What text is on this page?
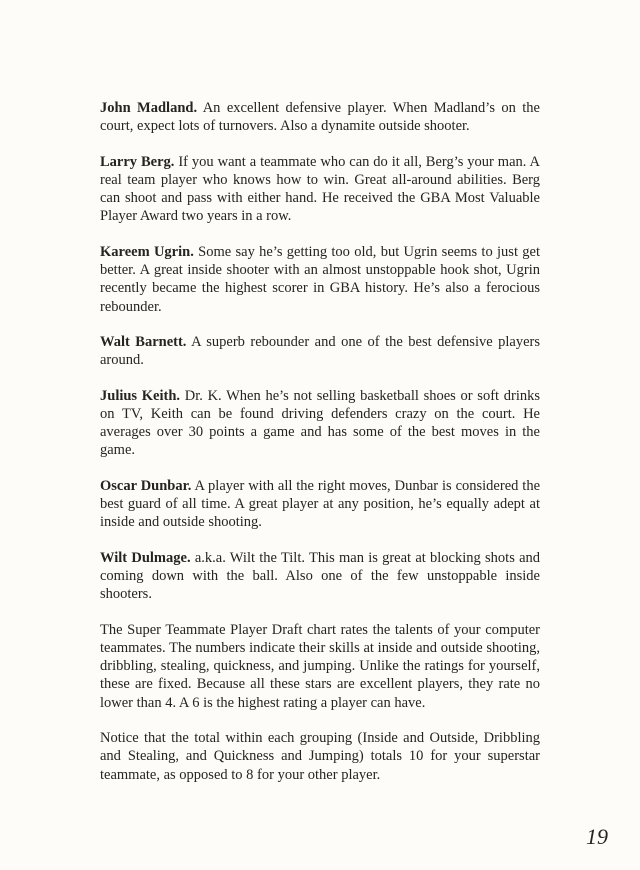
John Madland. An excellent defensive player. When Madland’s on the court, expect lots of turnovers. Also a dynamite outside shooter.

Larry Berg. If you want a teammate who can do it all, Berg’s your man. A real team player who knows how to win. Great all-around abilities. Berg can shoot and pass with either hand. He received the GBA Most Valuable Player Award two years in a row.

Kareem Ugrin. Some say he’s getting too old, but Ugrin seems to just get better. A great inside shooter with an almost unstoppable hook shot, Ugrin recently became the highest scorer in GBA history. He’s also a ferocious rebounder.

Walt Barnett. A superb rebounder and one of the best defensive players around.

Julius Keith. Dr. K. When he’s not selling basketball shoes or soft drinks on TV, Keith can be found driving defenders crazy on the court. He averages over 30 points a game and has some of the best moves in the game.

Oscar Dunbar. A player with all the right moves, Dunbar is considered the best guard of all time. A great player at any position, he’s equally adept at inside and outside shooting.

Wilt Dulmage. a.k.a. Wilt the Tilt. This man is great at blocking shots and coming down with the ball. Also one of the few unstoppable inside shooters.

The Super Teammate Player Draft chart rates the talents of your computer teammates. The numbers indicate their skills at inside and outside shooting, dribbling, stealing, quickness, and jumping. Unlike the ratings for yourself, these are fixed. Because all these stars are excellent players, they rate no lower than 4. A 6 is the highest rating a player can have.

Notice that the total within each grouping (Inside and Outside, Dribbling and Stealing, and Quickness and Jumping) totals 10 for your superstar teammate, as opposed to 8 for your other player.

19
